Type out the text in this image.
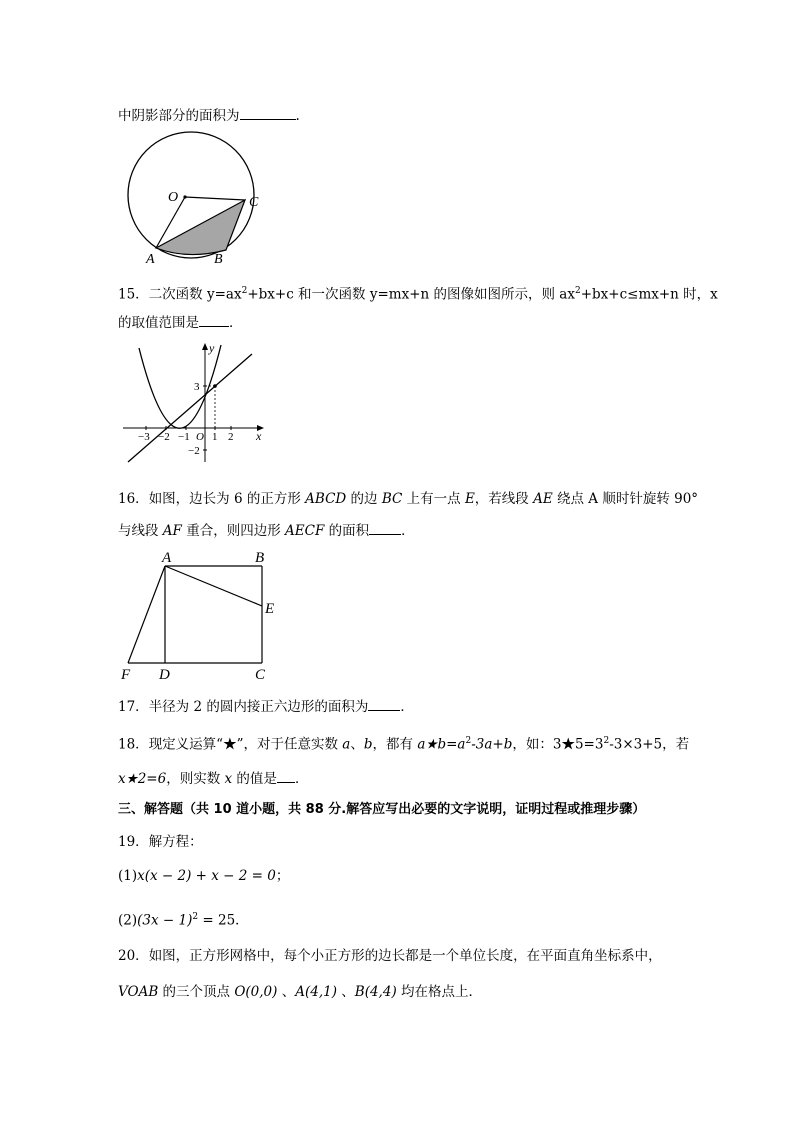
中阴影部分的面积为	.
O	C
A	B
15．二次函数 $y=ax^2+bx+c$ 和一次函数 y=mx+n 的图像如图所示，则 $ax^2+bx+c\le mx+n$ 时，x
的取值范围是 ．
y
x
−3 −2 −1 O 1 2
3
−2
16．如图，边长为 6 的正方形 ABCD 的边 BC 上有一点 E，若线段 AE 绕点 A 顺时针旋转 90°
与线段 AF 重合，则四边形 AECF 的面积 ．
A	B
E
F D	C
17．半径为 2 的圆内接正六边形的面积为 ．
18．现定义运算“★”，对于任意实数 a、b，都有 $a★b=a^2-3a+b$，如：$3★5=3^2-3\times 3+5$，若
x★2=6，则实数 x 的值是 ．
三、解答题（共 10 道小题，共 88 分.解答应写出必要的文字说明，证明过程或推理步骤）
19．解方程：
(1)x(x − 2) + x − 2 = 0；
$(2)(3x - 1)^2 = 25$．
20．如图，正方形网格中，每个小正方形的边长都是一个单位长度，在平面直角坐标系中，
VOAB 的三个顶点 O(0,0) 、A(4,1) 、B(4,4) 均在格点上．
